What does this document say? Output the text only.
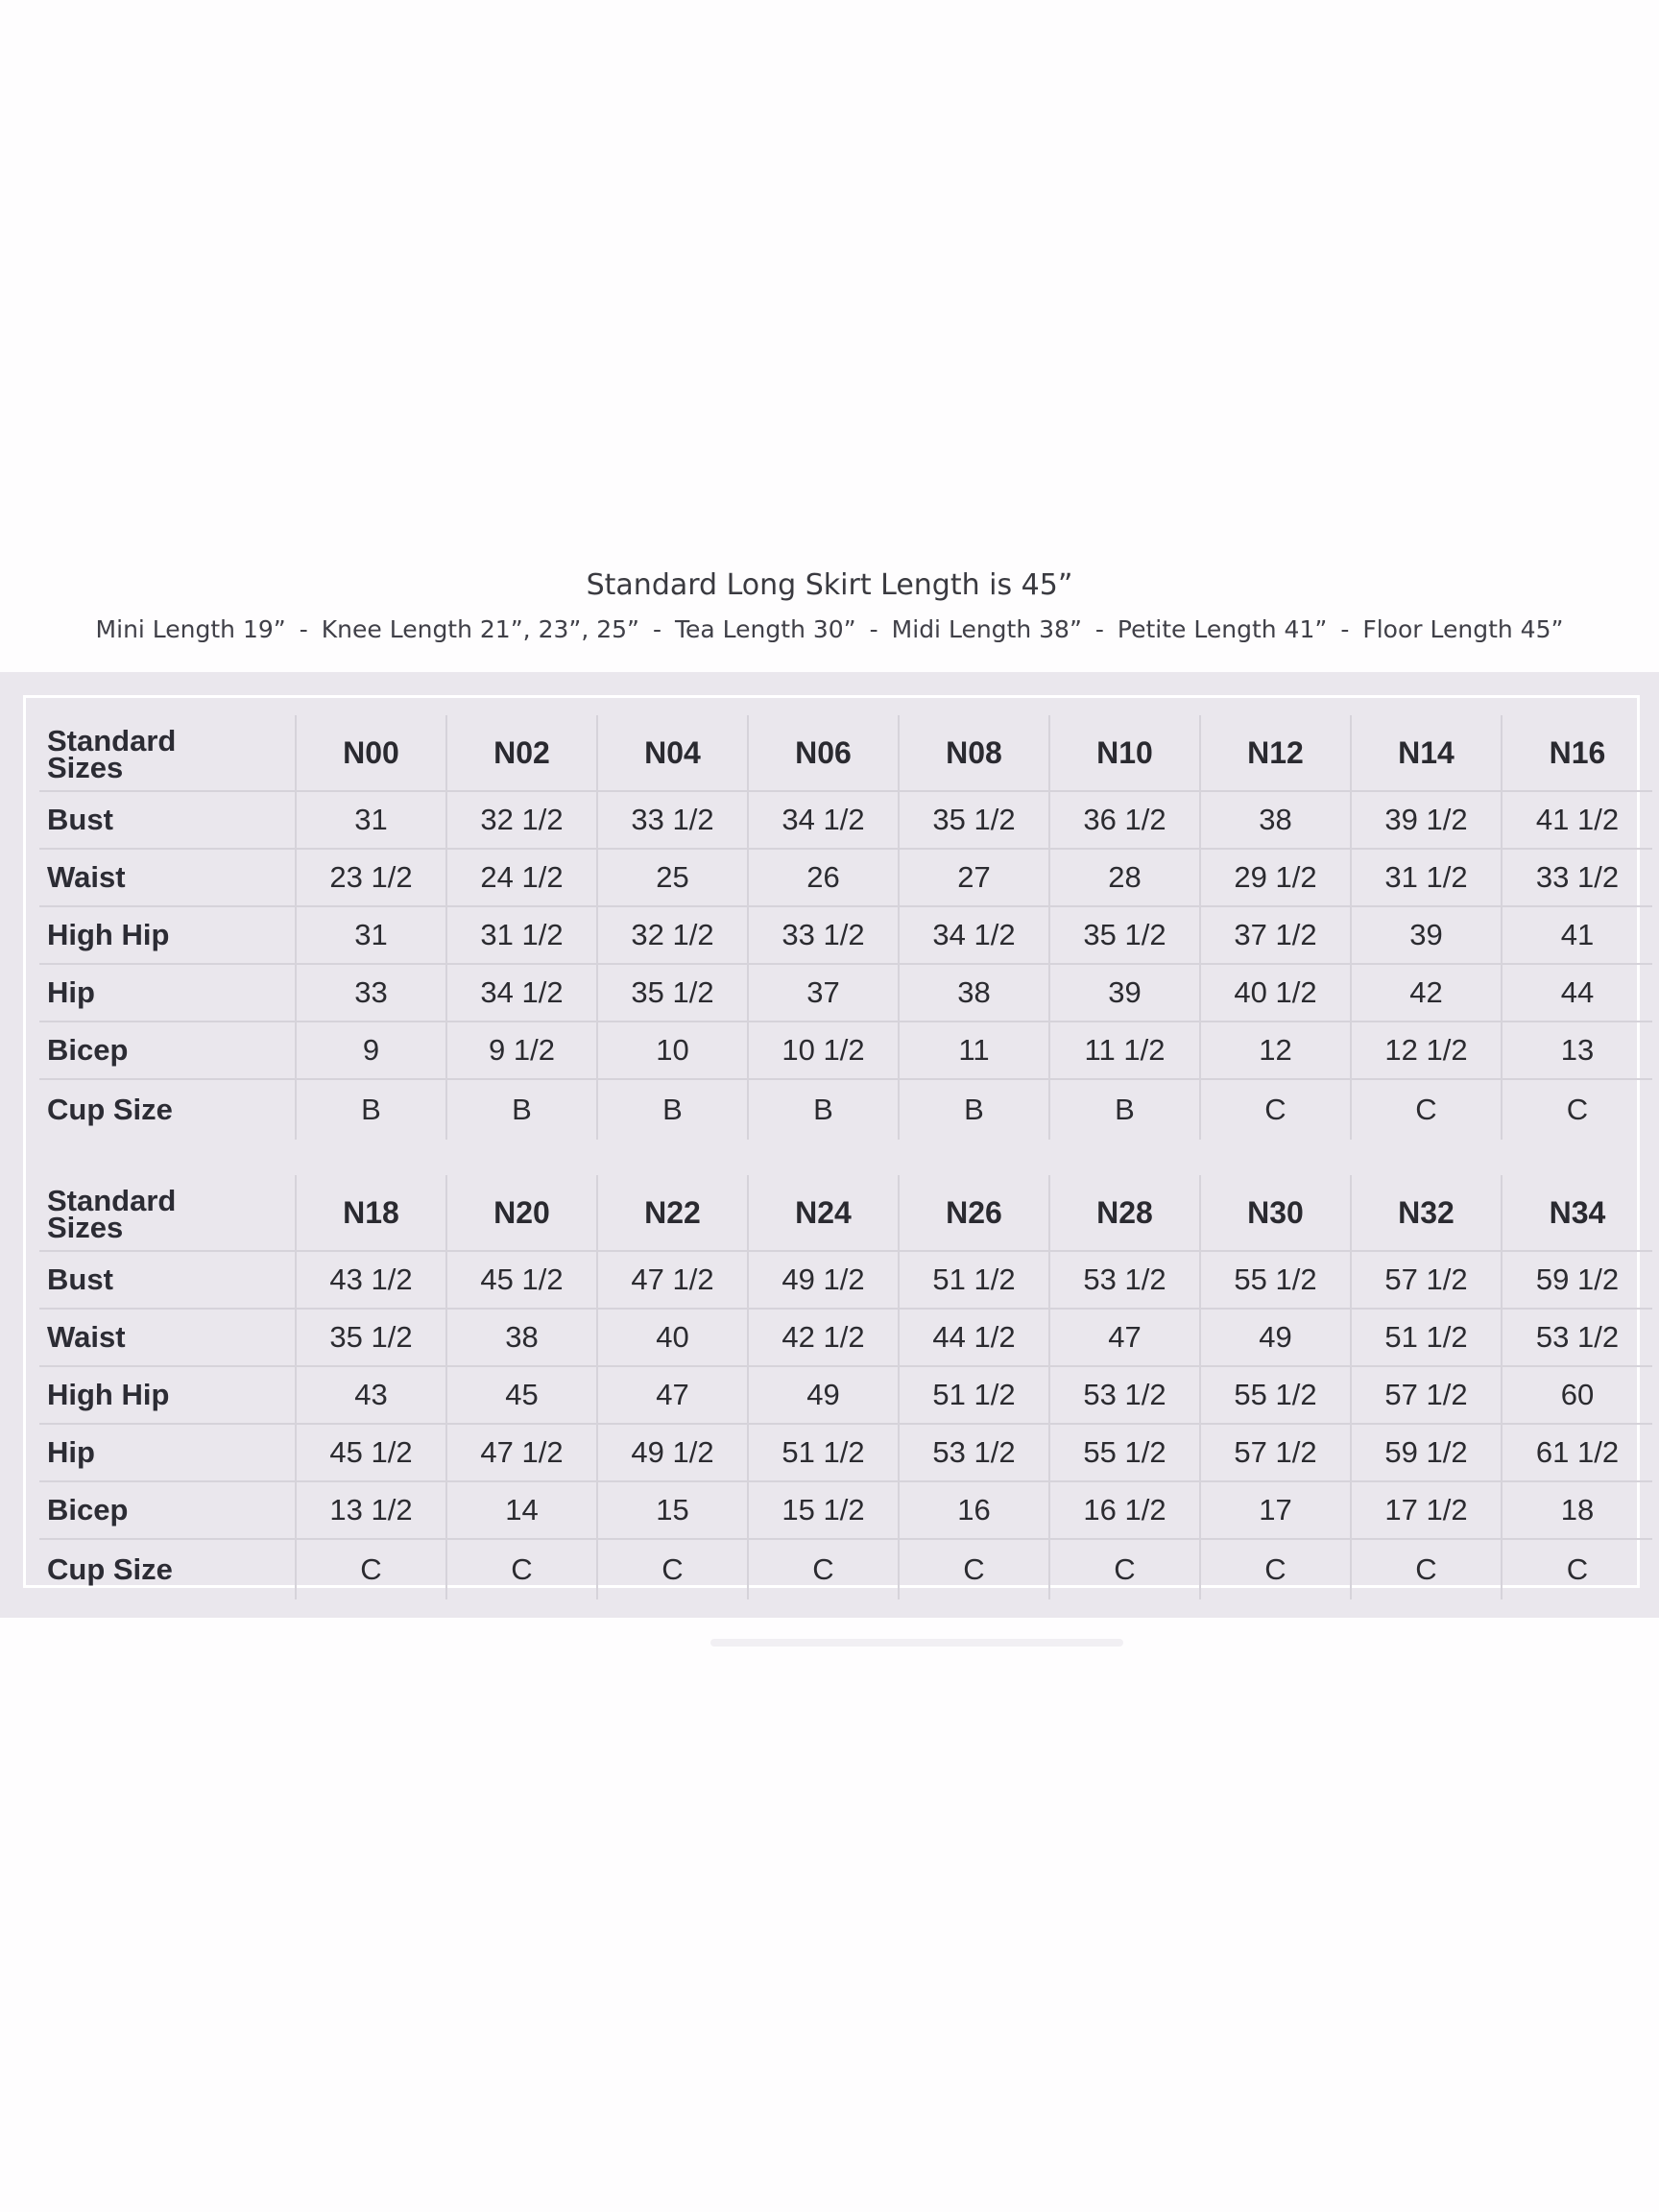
Standard Long Skirt Length is 45”
Mini Length 19” - Knee Length 21”, 23”, 25” - Tea Length 30” - Midi Length 38” - Petite Length 41” - Floor Length 45”
Standard
Sizes	N00	N02	N04	N06	N08	N10	N12	N14	N16
Bust	31	32 1/2	33 1/2	34 1/2	35 1/2	36 1/2	38	39 1/2	41 1/2
Waist	23 1/2	24 1/2	25	26	27	28	29 1/2	31 1/2	33 1/2
High Hip	31	31 1/2	32 1/2	33 1/2	34 1/2	35 1/2	37 1/2	39	41
Hip	33	34 1/2	35 1/2	37	38	39	40 1/2	42	44
Bicep	9	9 1/2	10	10 1/2	11	11 1/2	12	12 1/2	13
Cup Size	B	B	B	B	B	B	C	C	C
Standard
Sizes	N18	N20	N22	N24	N26	N28	N30	N32	N34
Bust	43 1/2	45 1/2	47 1/2	49 1/2	51 1/2	53 1/2	55 1/2	57 1/2	59 1/2
Waist	35 1/2	38	40	42 1/2	44 1/2	47	49	51 1/2	53 1/2
High Hip	43	45	47	49	51 1/2	53 1/2	55 1/2	57 1/2	60
Hip	45 1/2	47 1/2	49 1/2	51 1/2	53 1/2	55 1/2	57 1/2	59 1/2	61 1/2
Bicep	13 1/2	14	15	15 1/2	16	16 1/2	17	17 1/2	18
Cup Size	C	C	C	C	C	C	C	C	C
